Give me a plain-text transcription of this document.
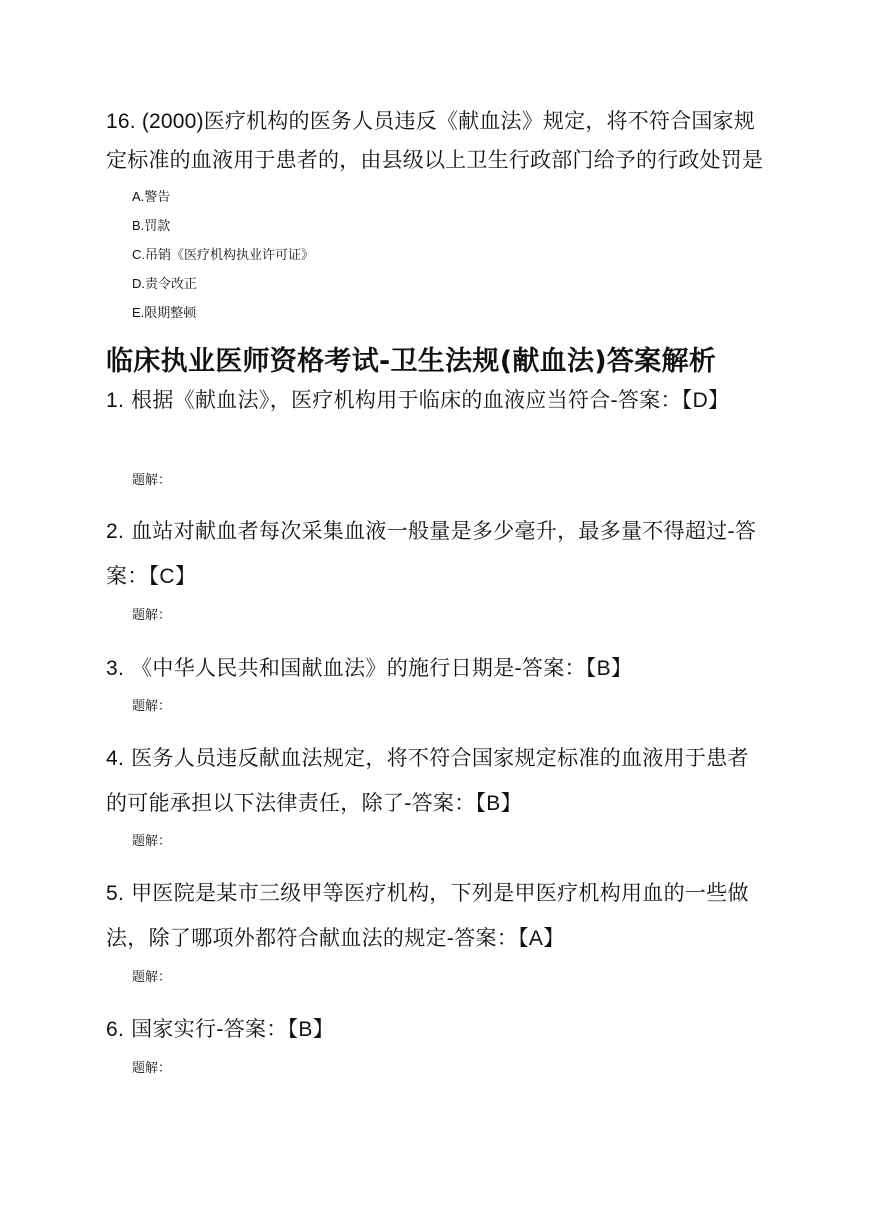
16. (2000)医疗机构的医务人员违反《献血法》规定，将不符合国家规定标准的血液用于患者的，由县级以上卫生行政部门给予的行政处罚是
A.警告
B.罚款
C.吊销《医疗机构执业许可证》
D.责令改正
E.限期整顿
临床执业医师资格考试-卫生法规(献血法)答案解析
1. 根据《献血法》，医疗机构用于临床的血液应当符合-答案：【D】
题解：
2. 血站对献血者每次采集血液一般量是多少毫升，最多量不得超过-答案：【C】
题解：
3. 《中华人民共和国献血法》的施行日期是-答案：【B】
题解：
4. 医务人员违反献血法规定，将不符合国家规定标准的血液用于患者的可能承担以下法律责任，除了-答案：【B】
题解：
5. 甲医院是某市三级甲等医疗机构，下列是甲医疗机构用血的一些做法，除了哪项外都符合献血法的规定-答案：【A】
题解：
6. 国家实行-答案：【B】
题解：
